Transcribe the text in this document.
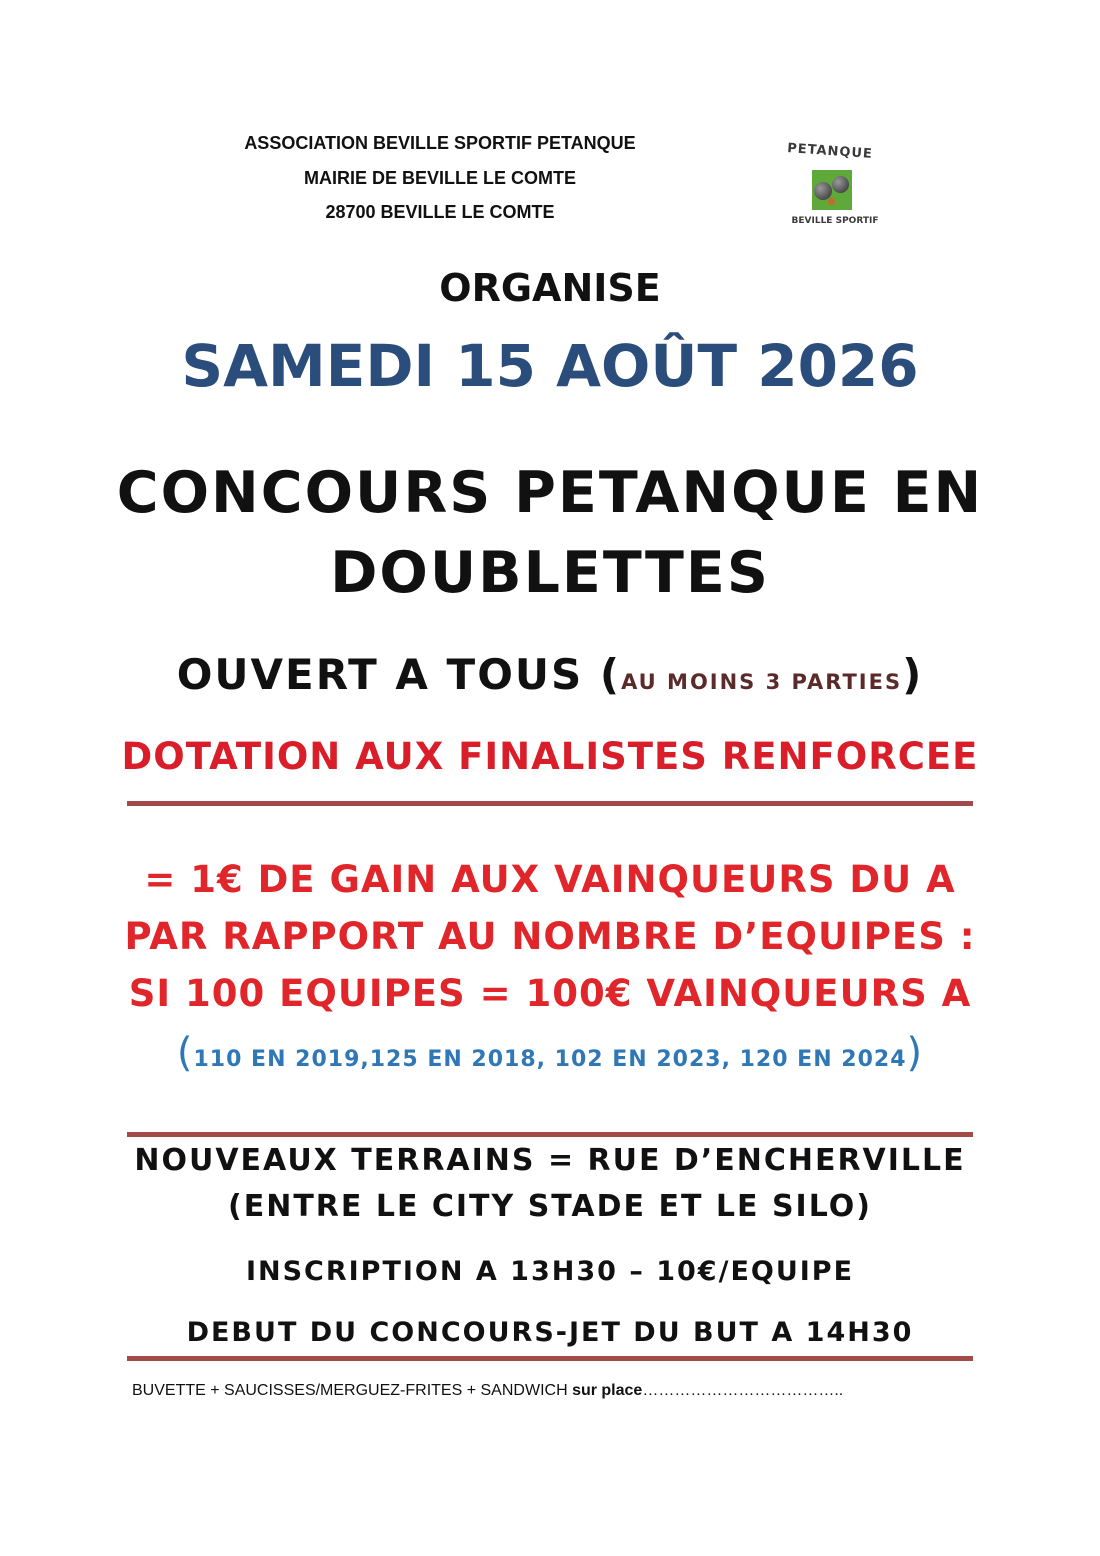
ASSOCIATION BEVILLE SPORTIF PETANQUE
MAIRIE DE BEVILLE LE COMTE
28700 BEVILLE LE COMTE
PETANQUE
BEVILLE SPORTIF
ORGANISE
SAMEDI 15 AOÛT 2026
CONCOURS PETANQUE EN
DOUBLETTES
OUVERT A TOUS (AU MOINS 3 PARTIES)
DOTATION AUX FINALISTES RENFORCEE
= 1€ DE GAIN AUX VAINQUEURS DU A
PAR RAPPORT AU NOMBRE D’EQUIPES :
SI 100 EQUIPES = 100€ VAINQUEURS A
(110 EN 2019,125 EN 2018, 102 EN 2023, 120 EN 2024)
NOUVEAUX TERRAINS = RUE D’ENCHERVILLE
(ENTRE LE CITY STADE ET LE SILO)
INSCRIPTION A 13H30 – 10€/EQUIPE
DEBUT DU CONCOURS-JET DU BUT A 14H30
BUVETTE + SAUCISSES/MERGUEZ-FRITES + SANDWICH sur place………………………………..
